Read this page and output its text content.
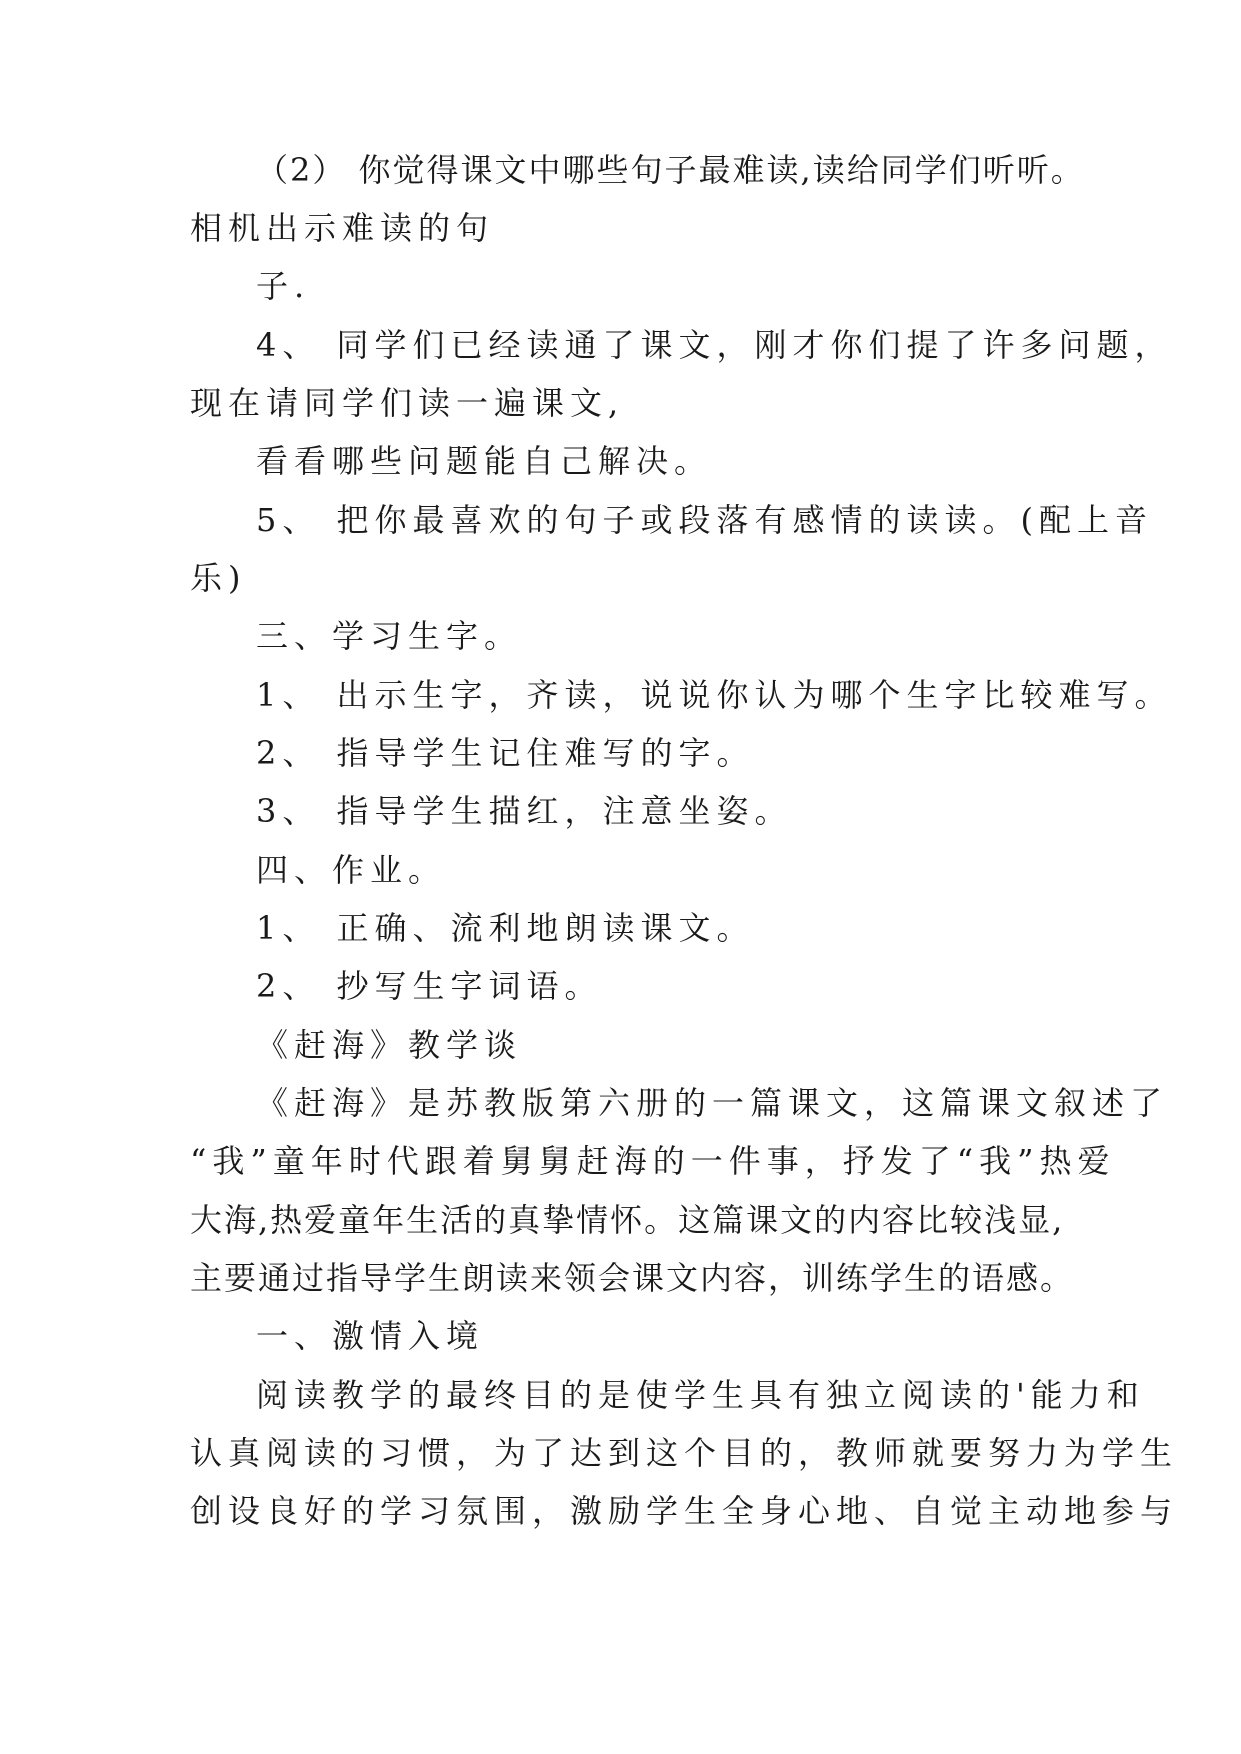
（2） 你觉得课文中哪些句子最难读,读给同学们听听。

相机出示难读的句

子.

4、 同学们已经读通了课文，刚才你们提了许多问题，

现在请同学们读一遍课文,

看看哪些问题能自己解决。

5、 把你最喜欢的句子或段落有感情的读读。(配上音

乐)

三、学习生字。

1、 出示生字，齐读，说说你认为哪个生字比较难写。

2、 指导学生记住难写的字。

3、 指导学生描红，注意坐姿。

四、作业。

1、 正确、流利地朗读课文。

2、 抄写生字词语。

《赶海》教学谈

《赶海》是苏教版第六册的一篇课文，这篇课文叙述了

“我”童年时代跟着舅舅赶海的一件事，抒发了“我”热爱

大海,热爱童年生活的真挚情怀。这篇课文的内容比较浅显,

主要通过指导学生朗读来领会课文内容，训练学生的语感。

一、激情入境

阅读教学的最终目的是使学生具有独立阅读的'能力和

认真阅读的习惯，为了达到这个目的，教师就要努力为学生

创设良好的学习氛围，激励学生全身心地、自觉主动地参与
